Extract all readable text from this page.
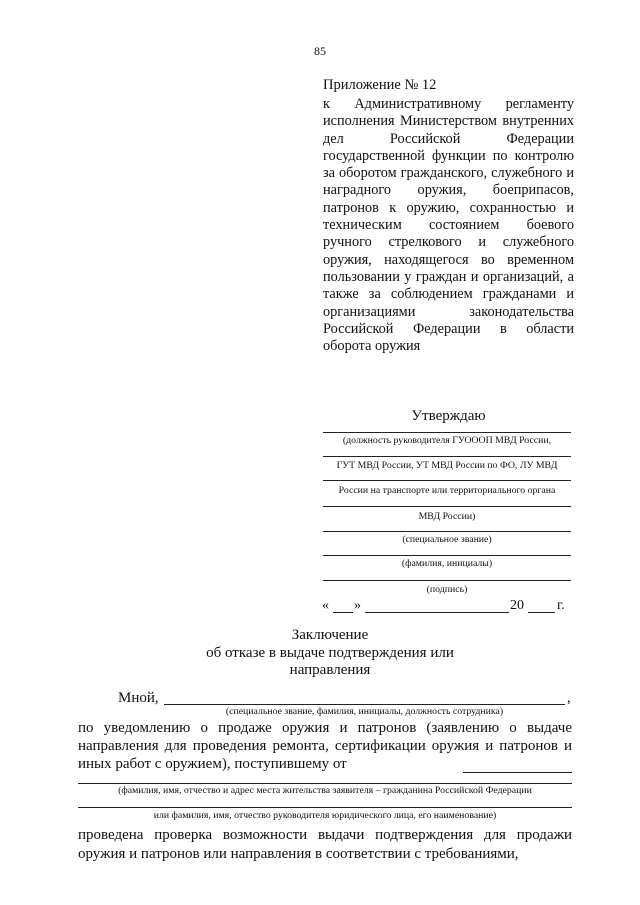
85
Приложение № 12
к Административному регламенту исполнения Министерством внутренних дел Российской Федерации государственной функции по контролю за оборотом гражданского, служебного и наградного оружия, боеприпасов, патронов к оружию, сохранностью и техническим состоянием боевого ручного стрелкового и служебного оружия, находящегося во временном пользовании у граждан и организаций, а также за соблюдением гражданами и организациями законодательства Российской Федерации в области оборота оружия
Утверждаю
(должность руководителя ГУОООП МВД России,
ГУТ МВД России, УТ МВД России по ФО, ЛУ МВД
России на транспорте или территориального органа
МВД России)
(специальное звание)
(фамилия, инициалы)
(подпись)
« »	20 г.
Заключение
об отказе в выдаче подтверждения или
направления
Мной,	,
(специальное звание, фамилия, инициалы, должность сотрудника)
по уведомлению о продаже оружия и патронов (заявлению о выдаче направления для проведения ремонта, сертификации оружия и патронов и иных работ с оружием), поступившему от
(фамилия, имя, отчество и адрес места жительства заявителя – гражданина Российской Федерации
или фамилия, имя, отчество руководителя юридического лица, его наименование)
проведена проверка возможности выдачи подтверждения для продажи оружия и патронов или направления в соответствии с требованиями,
